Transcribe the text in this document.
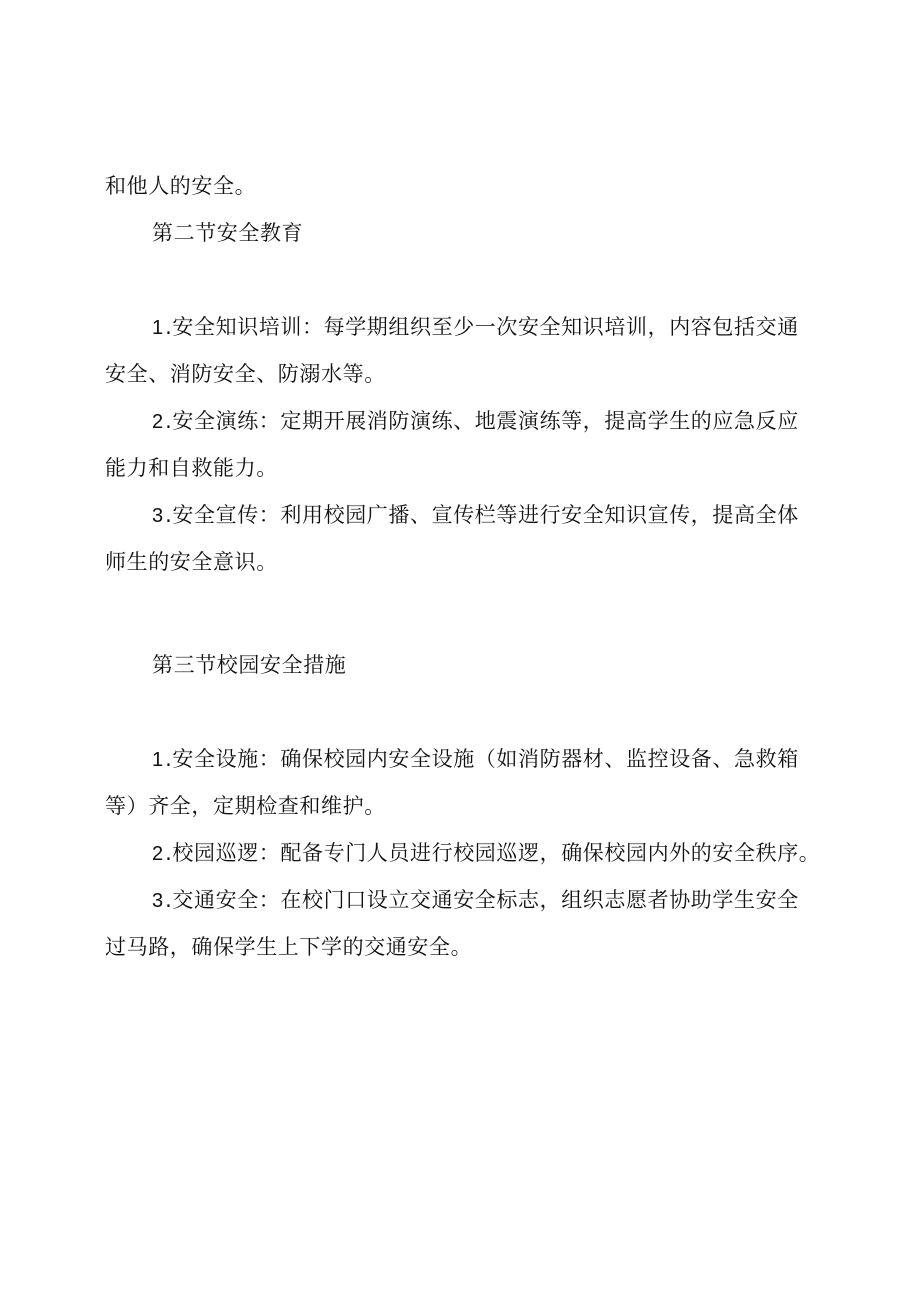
和他人的安全。
第二节安全教育
1.安全知识培训：每学期组织至少一次安全知识培训，内容包括交通
安全、消防安全、防溺水等。
2.安全演练：定期开展消防演练、地震演练等，提高学生的应急反应
能力和自救能力。
3.安全宣传：利用校园广播、宣传栏等进行安全知识宣传，提高全体
师生的安全意识。
第三节校园安全措施
1.安全设施：确保校园内安全设施（如消防器材、监控设备、急救箱
等）齐全，定期检查和维护。
2.校园巡逻：配备专门人员进行校园巡逻，确保校园内外的安全秩序。
3.交通安全：在校门口设立交通安全标志，组织志愿者协助学生安全
过马路，确保学生上下学的交通安全。
